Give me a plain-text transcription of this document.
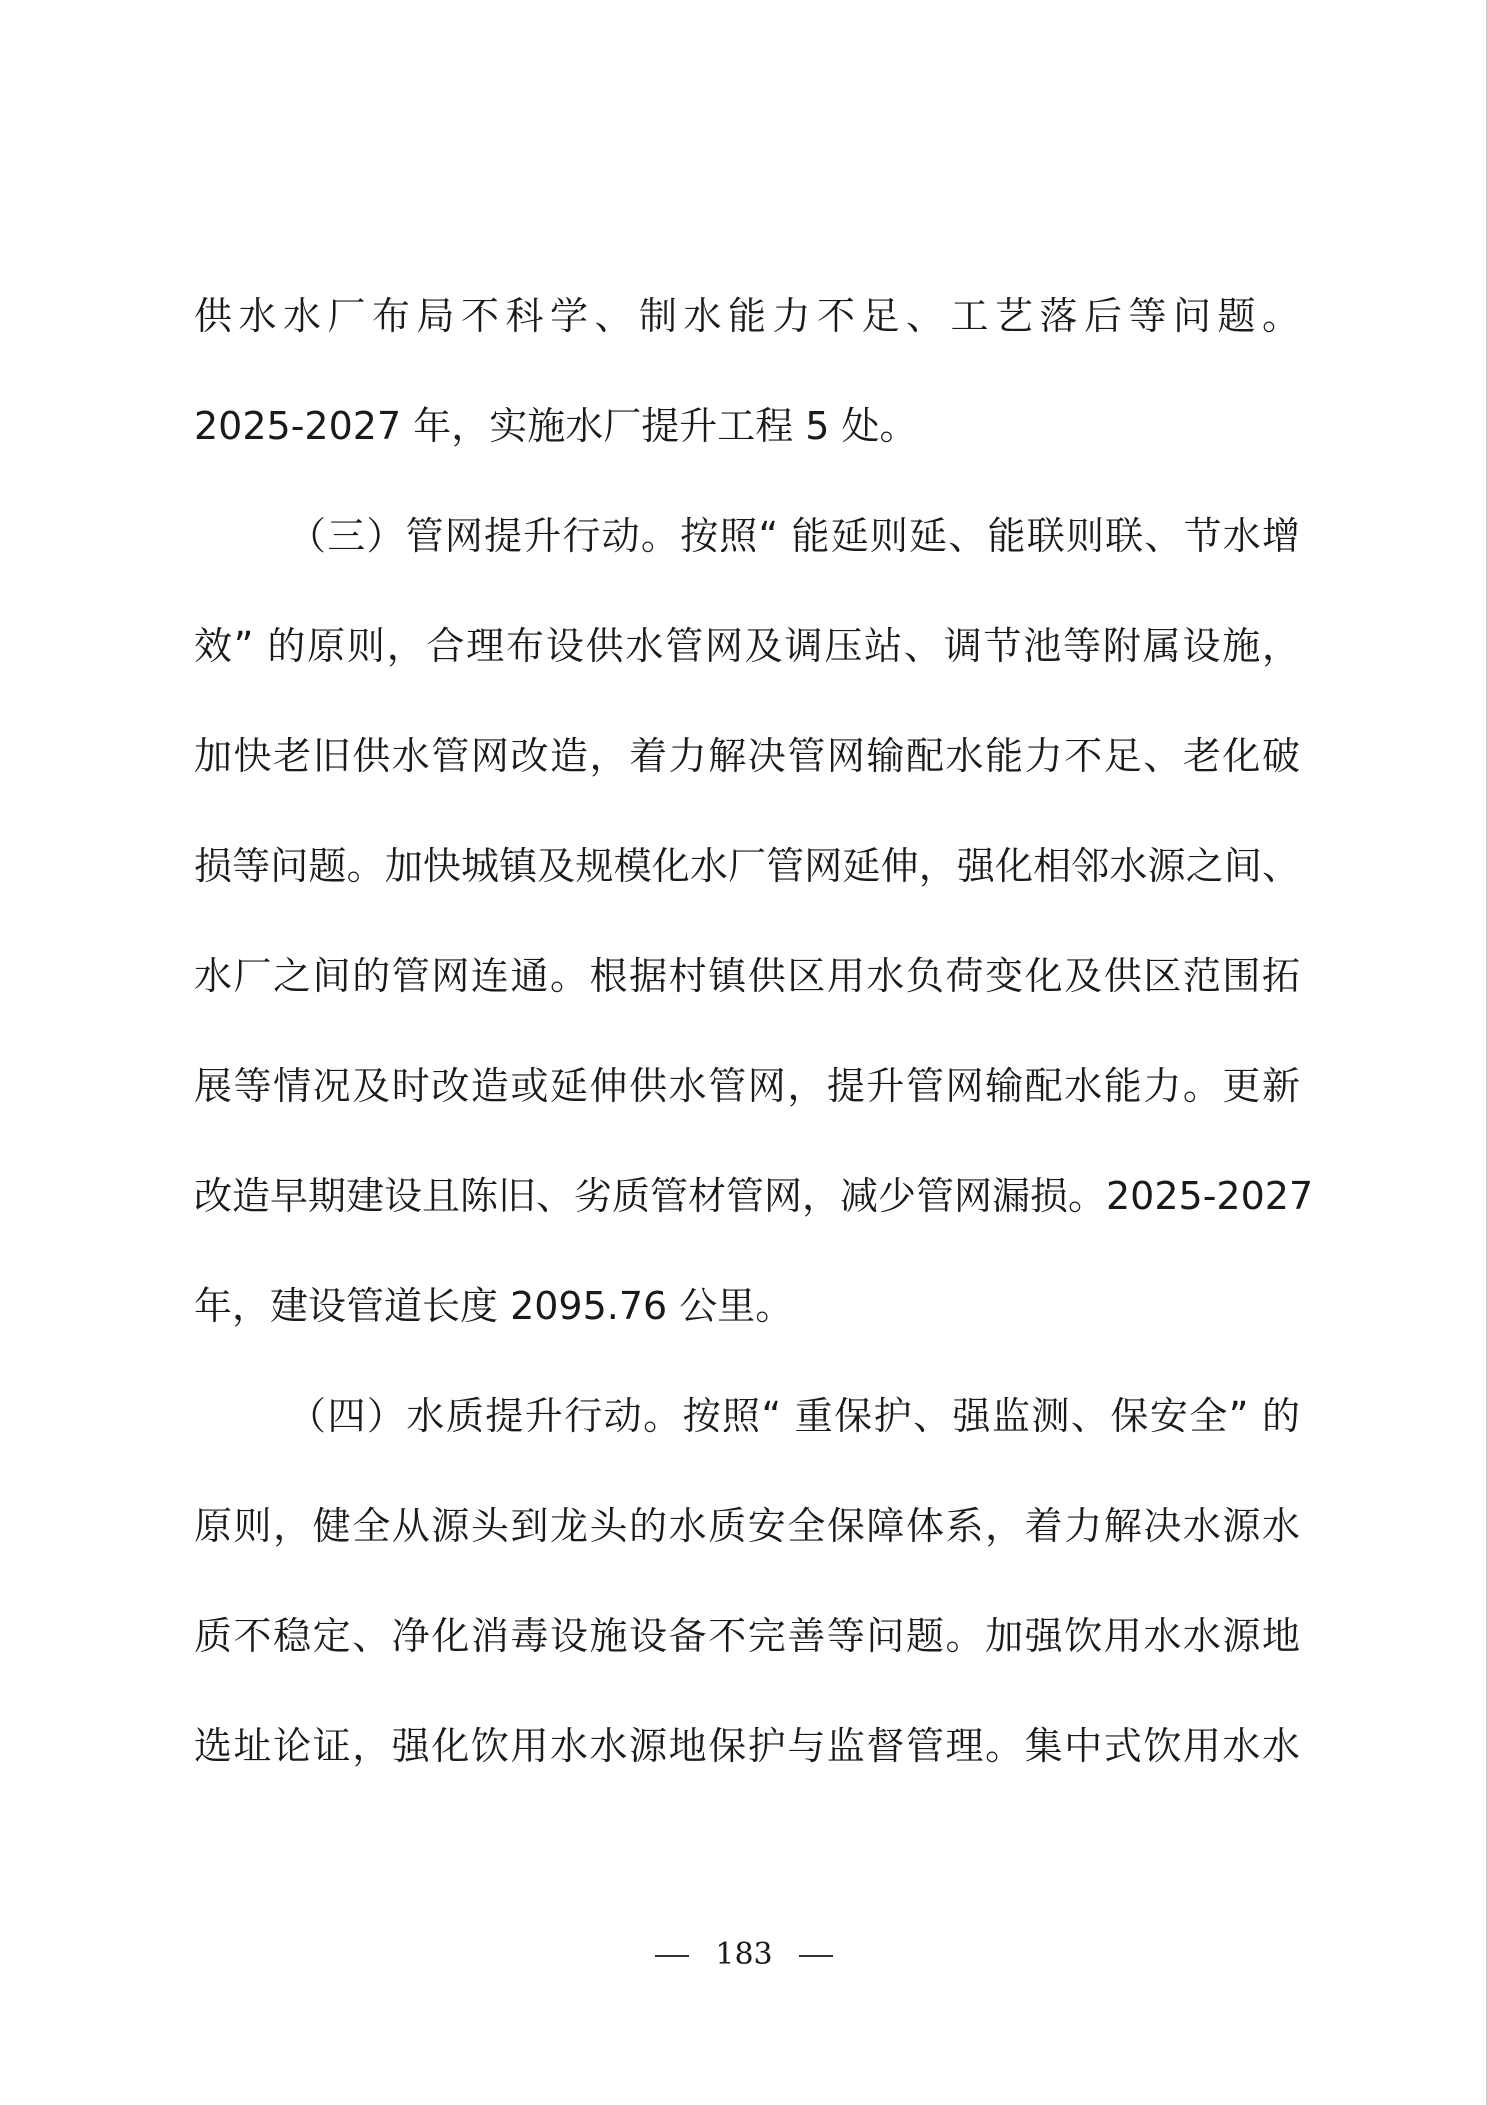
供水水厂布局不科学、制水能力不足、工艺落后等问题。
2025-2027 年，实施水厂提升工程 5 处。
（三）管网提升行动。按照“ 能延则延、能联则联、节水增
效” 的原则，合理布设供水管网及调压站、调节池等附属设施，
加快老旧供水管网改造，着力解决管网输配水能力不足、老化破
损等问题。加快城镇及规模化水厂管网延伸，强化相邻水源之间、
水厂之间的管网连通。根据村镇供区用水负荷变化及供区范围拓
展等情况及时改造或延伸供水管网，提升管网输配水能力。更新
改造早期建设且陈旧、劣质管材管网，减少管网漏损。2025-2027
年，建设管道长度 2095.76 公里。
（四）水质提升行动。按照“ 重保护、强监测、保安全” 的
原则，健全从源头到龙头的水质安全保障体系，着力解决水源水
质不稳定、净化消毒设施设备不完善等问题。加强饮用水水源地
选址论证，强化饮用水水源地保护与监督管理。集中式饮用水水
183
